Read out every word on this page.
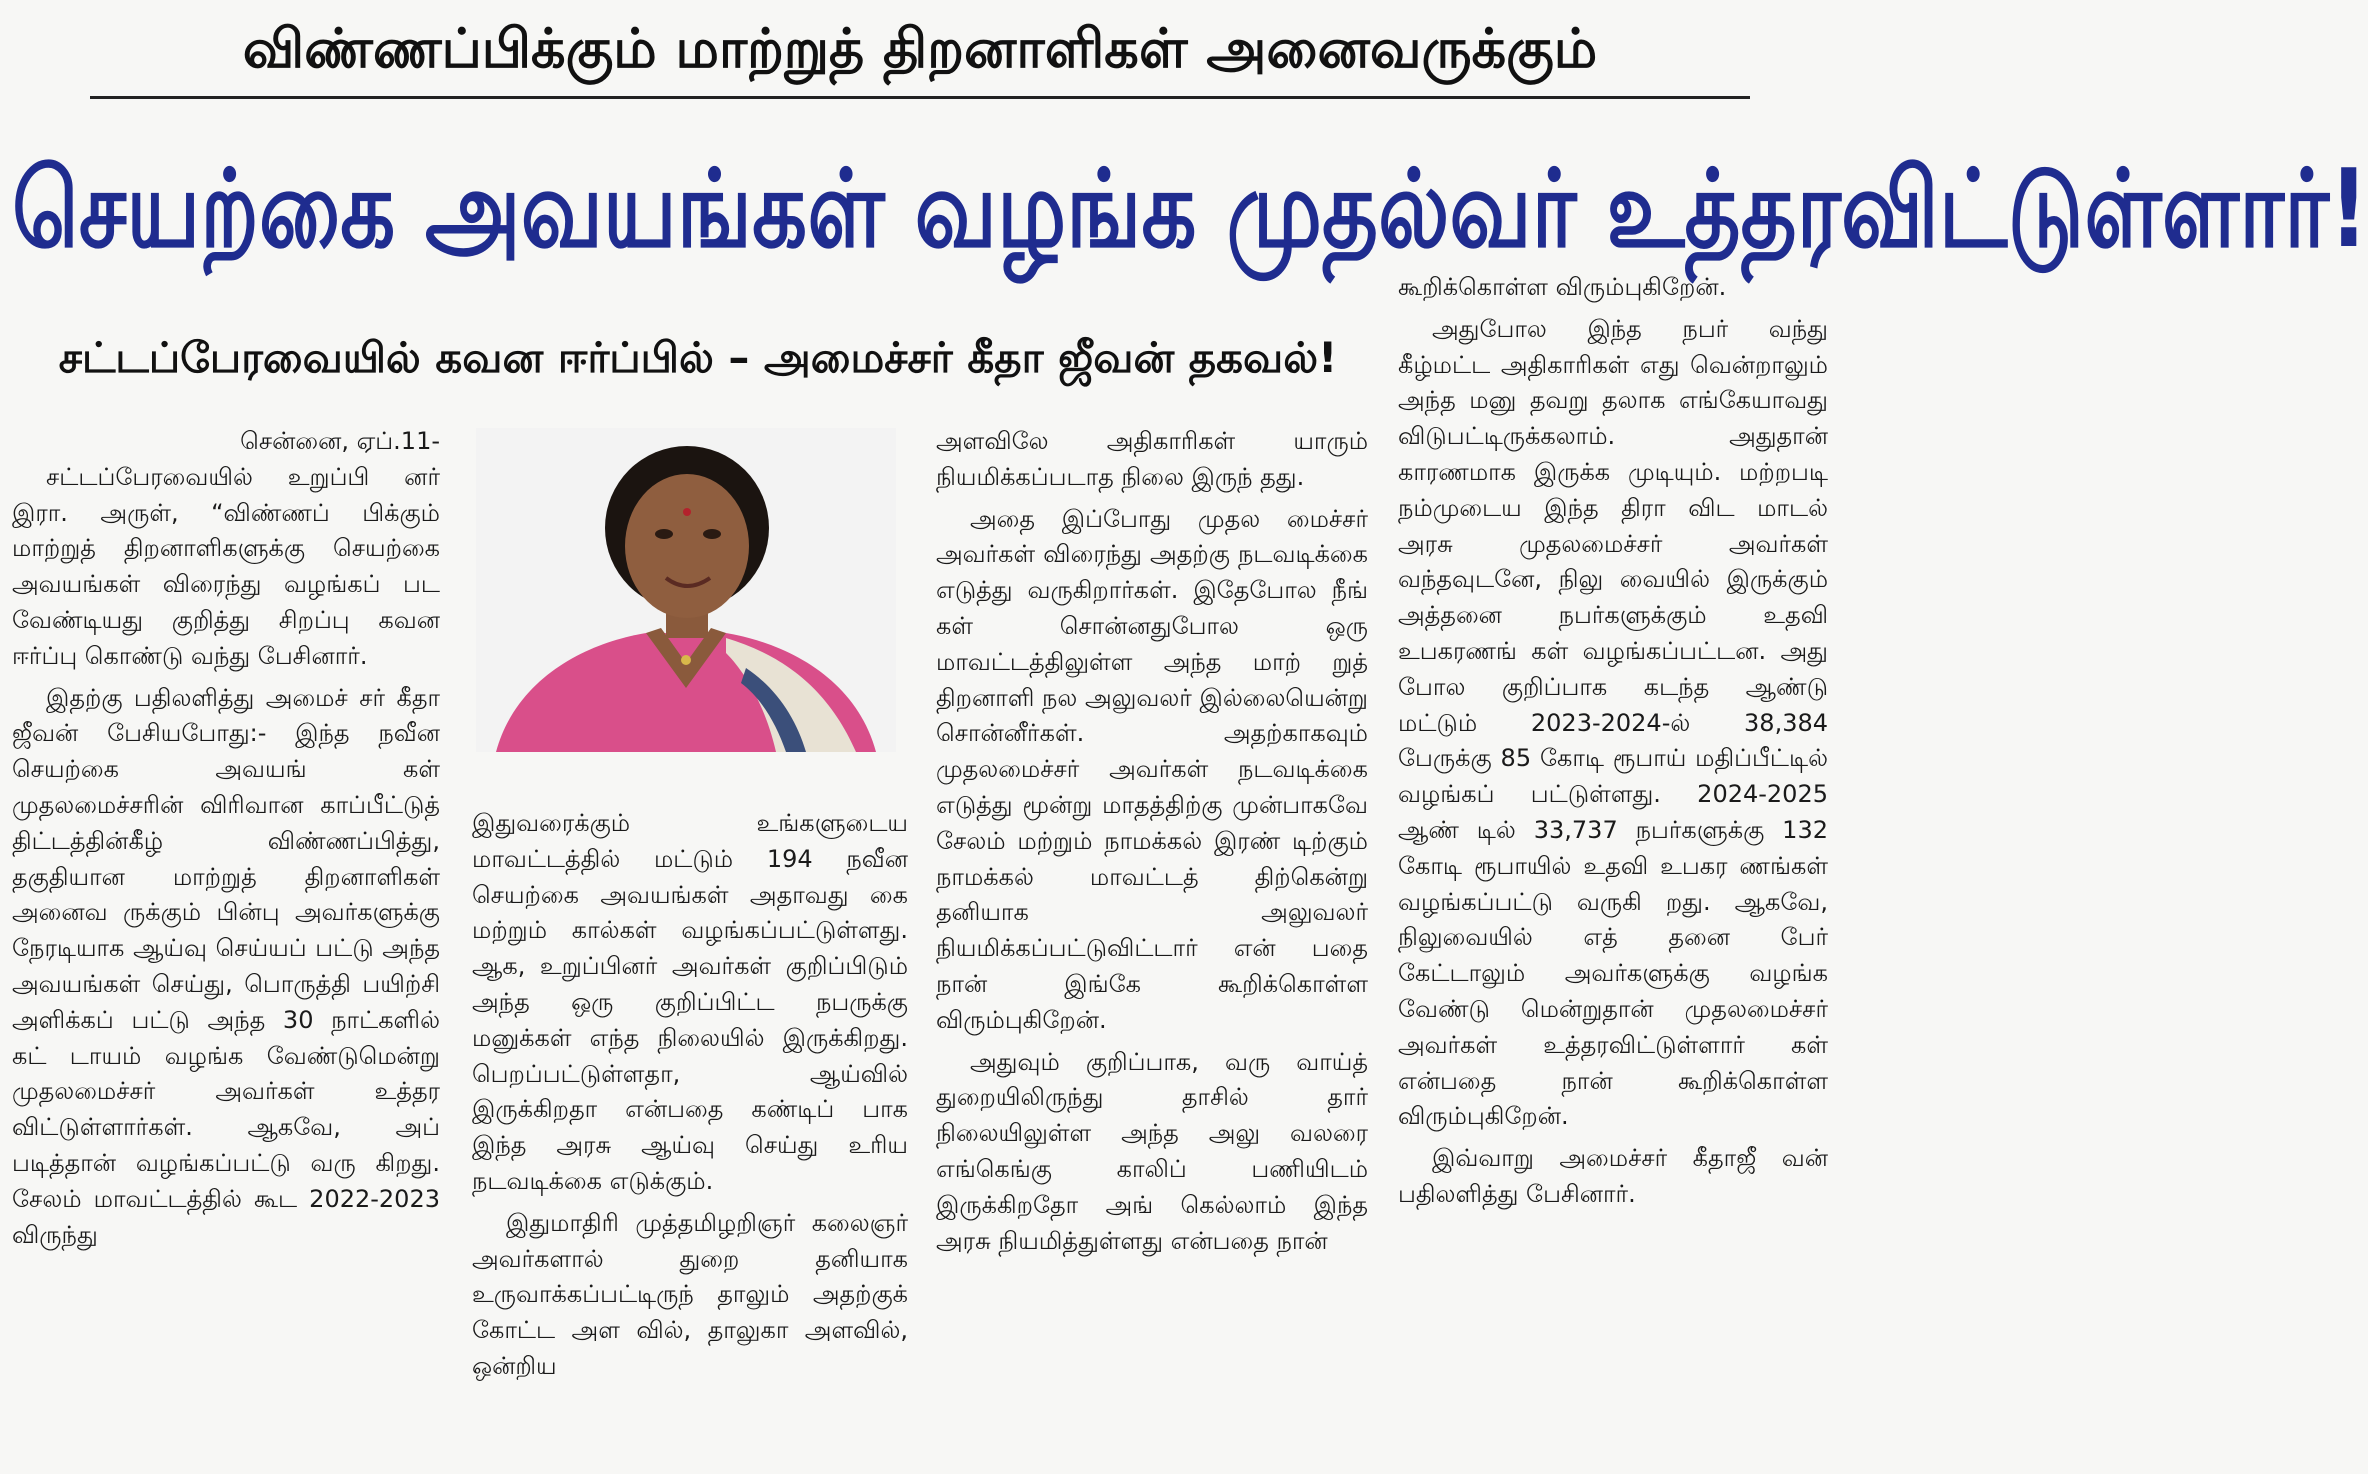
விண்ணப்பிக்கும் மாற்றுத் திறனாளிகள் அனைவருக்கும்
செயற்கை அவயங்கள் வழங்க முதல்வர் உத்தரவிட்டுள்ளார்!
சட்டப்பேரவையில் கவன ஈர்ப்பில் – அமைச்சர் கீதா ஜீவன் தகவல்!
சென்னை, ஏப்.11-

சட்டப்பேரவையில் உறுப்பி னர் இரா. அருள், “விண்ணப் பிக்கும் மாற்றுத் திறனாளிகளுக்கு செயற்கை அவயங்கள் விரைந்து வழங்கப் பட வேண்டியது குறித்து சிறப்பு கவன ஈர்ப்பு கொண்டு வந்து பேசினார்.

இதற்கு பதிலளித்து அமைச் சர் கீதா ஜீவன் பேசியபோது:- இந்த நவீன செயற்கை அவயங் கள் முதலமைச்சரின் விரிவான காப்பீட்டுத் திட்டத்தின்கீழ் விண்ணப்பித்து, தகுதியான மாற்றுத் திறனாளிகள் அனைவ ருக்கும் பின்பு அவர்களுக்கு நேரடியாக ஆய்வு செய்யப் பட்டு அந்த அவயங்கள் செய்து, பொருத்தி பயிற்சி அளிக்கப் பட்டு அந்த 30 நாட்களில் கட் டாயம் வழங்க வேண்டுமென்று முதலமைச்சர் அவர்கள் உத்தர விட்டுள்ளார்கள். ஆகவே, அப் படித்தான் வழங்கப்பட்டு வரு கிறது. சேலம் மாவட்டத்தில் கூட 2022-2023 விருந்து

இதுவரைக்கும் உங்களுடைய மாவட்டத்தில் மட்டும் 194 நவீன செயற்கை அவயங்கள் அதாவது கை மற்றும் கால்கள் வழங்கப்பட்டுள்ளது. ஆக, உறுப்பினர் அவர்கள் குறிப்பிடும் அந்த ஒரு குறிப்பிட்ட நபருக்கு மனுக்கள் எந்த நிலையில் இருக்கிறது. பெறப்பட்டுள்ளதா, ஆய்வில் இருக்கிறதா என்பதை கண்டிப் பாக இந்த அரசு ஆய்வு செய்து உரிய நடவடிக்கை எடுக்கும்.

இதுமாதிரி முத்தமிழறிஞர் கலைஞர் அவர்களால் துறை தனியாக உருவாக்கப்பட்டிருந் தாலும் அதற்குக் கோட்ட அள வில், தாலுகா அளவில், ஒன்றிய

அளவிலே அதிகாரிகள் யாரும் நியமிக்கப்படாத நிலை இருந் தது.

அதை இப்போது முதல மைச்சர் அவர்கள் விரைந்து அதற்கு நடவடிக்கை எடுத்து வருகிறார்கள். இதேபோல நீங் கள் சொன்னதுபோல ஒரு மாவட்டத்திலுள்ள அந்த மாற் றுத் திறனாளி நல அலுவலர் இல்லையென்று சொன்னீர்கள். அதற்காகவும் முதலமைச்சர் அவர்கள் நடவடிக்கை எடுத்து மூன்று மாதத்திற்கு முன்பாகவே சேலம் மற்றும் நாமக்கல் இரண் டிற்கும் நாமக்கல் மாவட்டத் திற்கென்று தனியாக அலுவலர் நியமிக்கப்பட்டுவிட்டார் என் பதை நான் இங்கே கூறிக்கொள்ள விரும்புகிறேன்.

அதுவும் குறிப்பாக, வரு வாய்த் துறையிலிருந்து தாசில் தார் நிலையிலுள்ள அந்த அலு வலரை எங்கெங்கு காலிப் பணியிடம் இருக்கிறதோ அங் கெல்லாம் இந்த அரசு நியமித்துள்ளது என்பதை நான்

கூறிக்கொள்ள விரும்புகிறேன்.

அதுபோல இந்த நபர் வந்து கீழ்மட்ட அதிகாரிகள் எது வென்றாலும் அந்த மனு தவறு தலாக எங்கேயாவது விடுபட்டிருக்கலாம். அதுதான் காரணமாக இருக்க முடியும். மற்றபடி நம்முடைய இந்த திரா விட மாடல் அரசு முதலமைச்சர் அவர்கள் வந்தவுடனே, நிலு வையில் இருக்கும் அத்தனை நபர்களுக்கும் உதவி உபகரணங் கள் வழங்கப்பட்டன. அது போல குறிப்பாக கடந்த ஆண்டு மட்டும் 2023-2024-ல் 38,384 பேருக்கு 85 கோடி ரூபாய் மதிப்பீட்டில் வழங்கப் பட்டுள்ளது. 2024-2025 ஆண் டில் 33,737 நபர்களுக்கு 132 கோடி ரூபாயில் உதவி உபகர ணங்கள் வழங்கப்பட்டு வருகி றது. ஆகவே, நிலுவையில் எத் தனை பேர் கேட்டாலும் அவர்களுக்கு வழங்க வேண்டு மென்றுதான் முதலமைச்சர் அவர்கள் உத்தரவிட்டுள்ளார் கள் என்பதை நான் கூறிக்கொள்ள விரும்புகிறேன்.

இவ்வாறு அமைச்சர் கீதாஜீ வன் பதிலளித்து பேசினார்.
